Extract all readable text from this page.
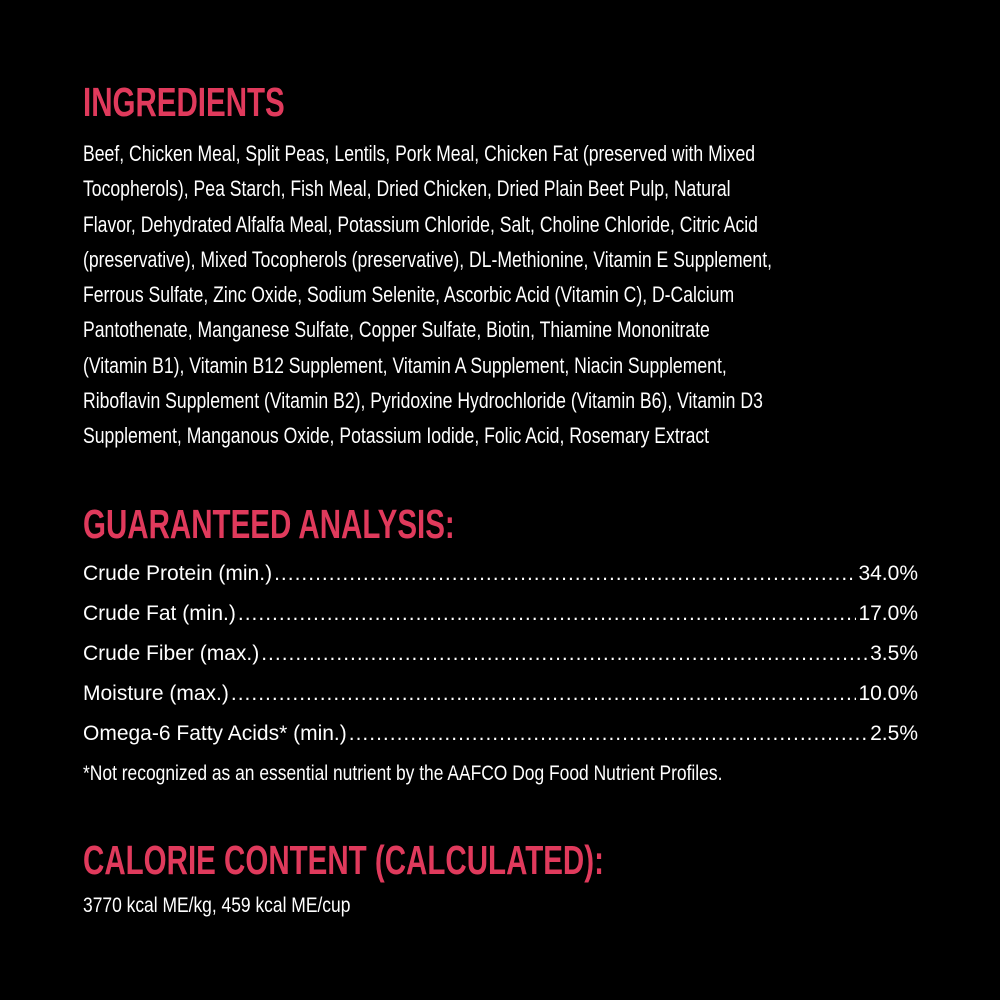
INGREDIENTS
Beef, Chicken Meal, Split Peas, Lentils, Pork Meal, Chicken Fat (preserved with Mixed
Tocopherols), Pea Starch, Fish Meal, Dried Chicken, Dried Plain Beet Pulp, Natural
Flavor, Dehydrated Alfalfa Meal, Potassium Chloride, Salt, Choline Chloride, Citric Acid
(preservative), Mixed Tocopherols (preservative), DL-Methionine, Vitamin E Supplement,
Ferrous Sulfate, Zinc Oxide, Sodium Selenite, Ascorbic Acid (Vitamin C), D-Calcium
Pantothenate, Manganese Sulfate, Copper Sulfate, Biotin, Thiamine Mononitrate
(Vitamin B1), Vitamin B12 Supplement, Vitamin A Supplement, Niacin Supplement,
Riboflavin Supplement (Vitamin B2), Pyridoxine Hydrochloride (Vitamin B6), Vitamin D3
Supplement, Manganous Oxide, Potassium Iodide, Folic Acid, Rosemary Extract
GUARANTEED ANALYSIS:
Crude Protein (min.) .....	34.0%
Crude Fat (min.) .....	17.0%
Crude Fiber (max.) .....	3.5%
Moisture (max.) .....	10.0%
Omega-6 Fatty Acids* (min.) .....	2.5%
*Not recognized as an essential nutrient by the AAFCO Dog Food Nutrient Profiles.
CALORIE CONTENT (CALCULATED):
3770 kcal ME/kg, 459 kcal ME/cup
